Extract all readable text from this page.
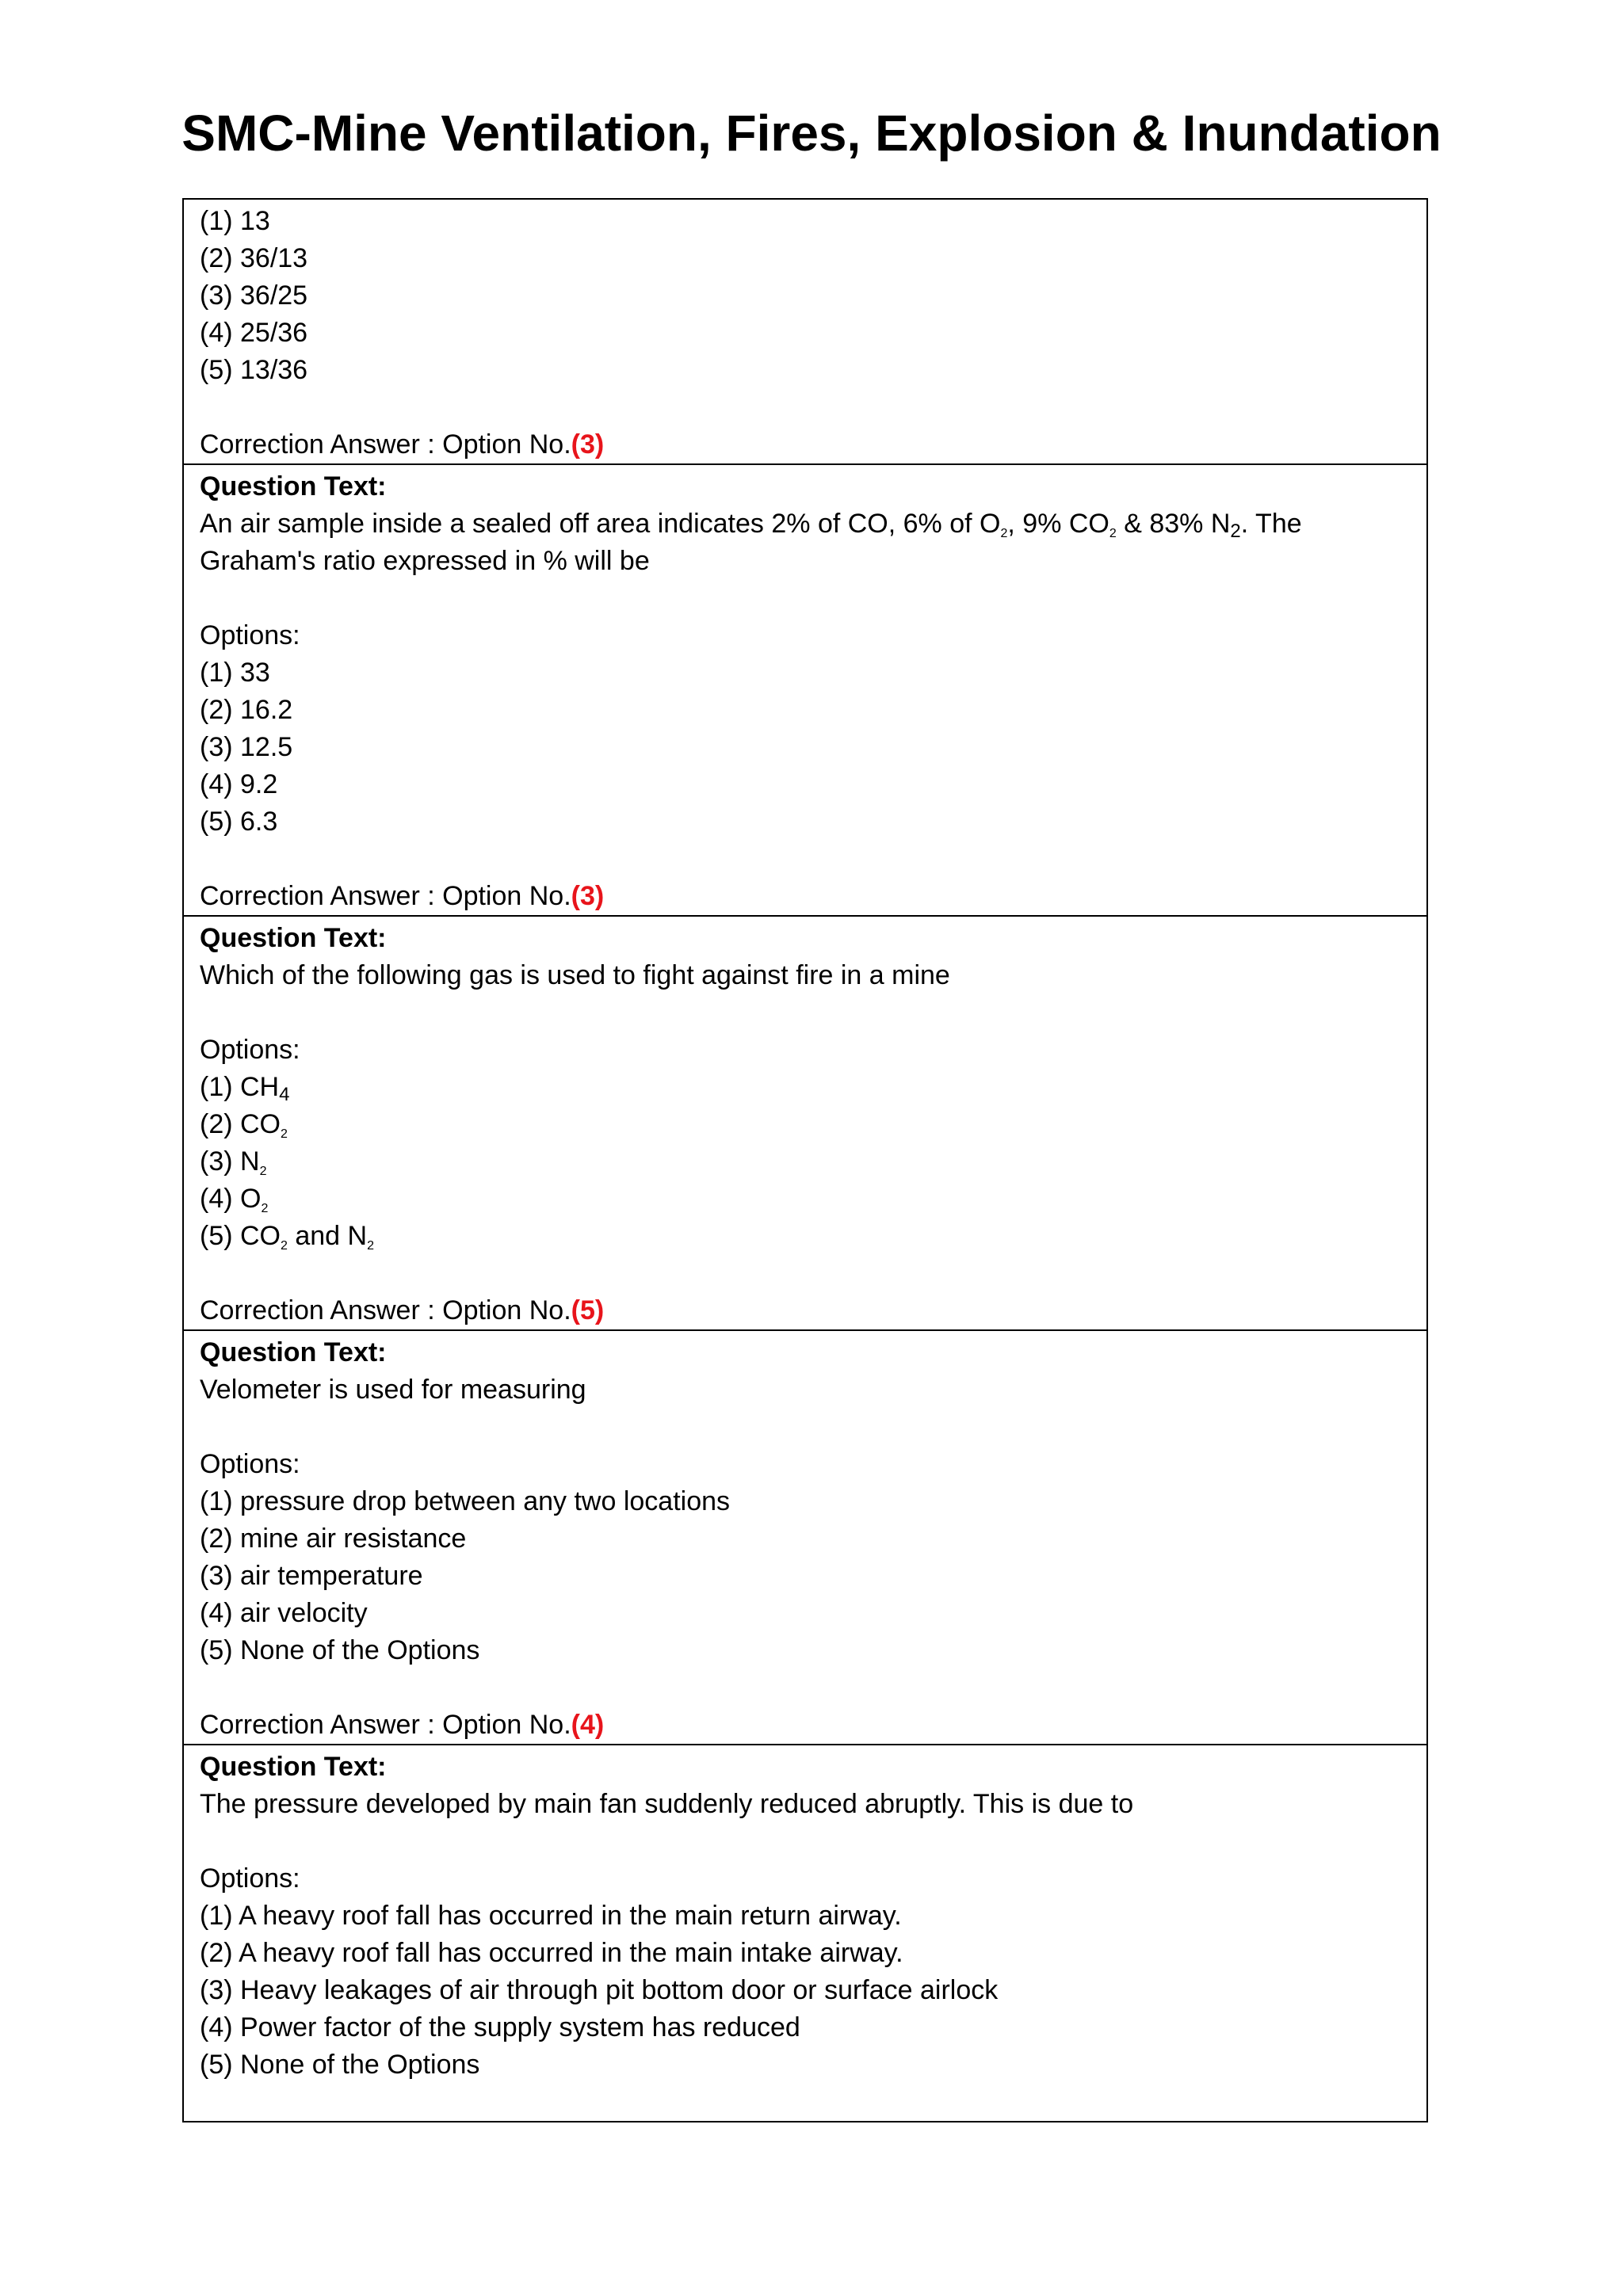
SMC-Mine Ventilation, Fires, Explosion & Inundation
(1) 13
(2) 36/13
(3) 36/25
(4) 25/36
(5) 13/36
Correction Answer : Option No.(3)
Question Text:
An air sample inside a sealed off area indicates 2% of CO, 6% of $O_2$, 9% $CO_2$ & 83% N2. The Graham's ratio expressed in % will be
Options:
(1) 33
(2) 16.2
(3) 12.5
(4) 9.2
(5) 6.3
Correction Answer : Option No.(3)
Question Text:
Which of the following gas is used to fight against fire in a mine
Options:
(1) CH4
(2) $CO_2$
(3) $N_2$
(4) $O_2$
(5) $CO_2$ and $N_2$
Correction Answer : Option No.(5)
Question Text:
Velometer is used for measuring
Options:
(1) pressure drop between any two locations
(2) mine air resistance
(3) air temperature
(4) air velocity
(5) None of the Options
Correction Answer : Option No.(4)
Question Text:
The pressure developed by main fan suddenly reduced abruptly. This is due to
Options:
(1) A heavy roof fall has occurred in the main return airway.
(2) A heavy roof fall has occurred in the main intake airway.
(3) Heavy leakages of air through pit bottom door or surface airlock
(4) Power factor of the supply system has reduced
(5) None of the Options
